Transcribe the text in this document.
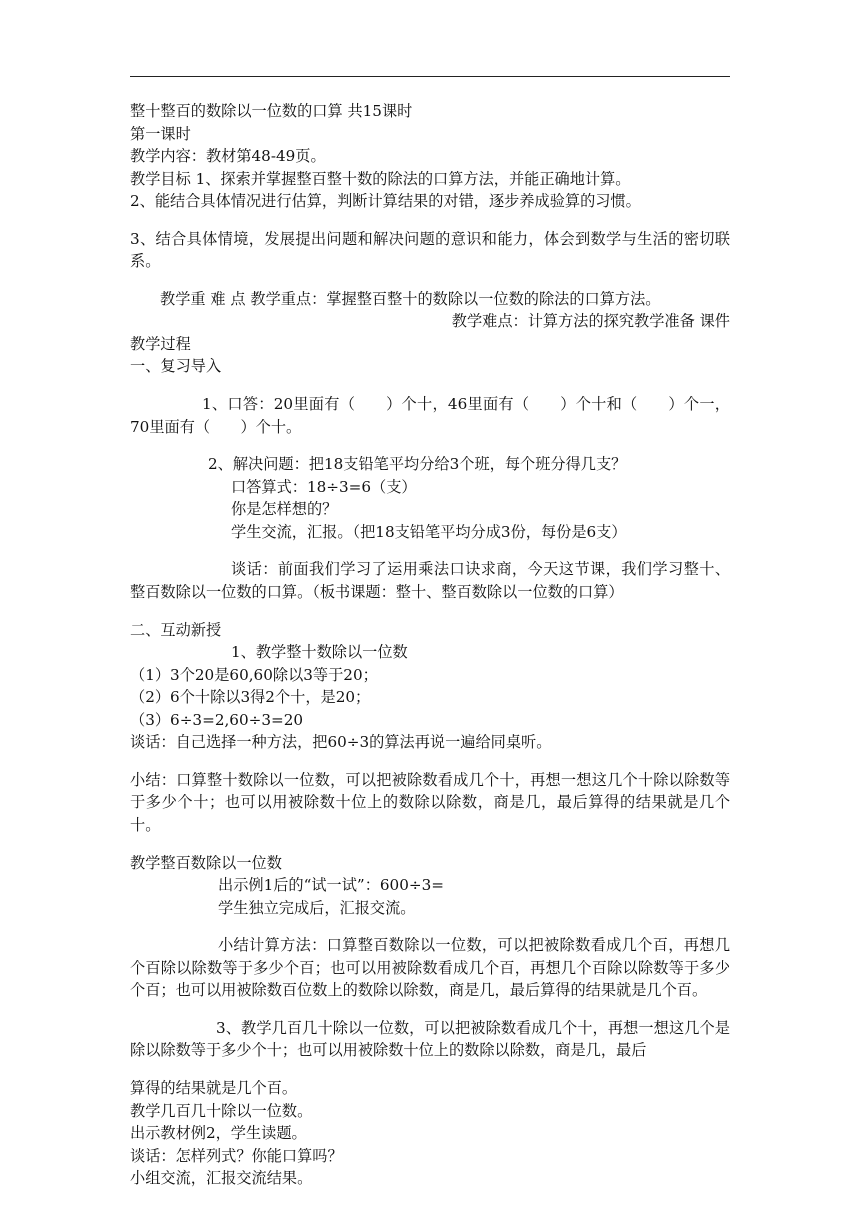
整十整百的数除以一位数的口算 共15课时

第一课时

教学内容：教材第48-49页。

教学目标 1、探索并掌握整百整十数的除法的口算方法，并能正确地计算。

2、能结合具体情况进行估算，判断计算结果的对错，逐步养成验算的习惯。

3、结合具体情境，发展提出问题和解决问题的意识和能力，体会到数学与生活的密切联系。

教学重 难 点 教学重点：掌握整百整十的数除以一位数的除法的口算方法。

教学难点：计算方法的探究教学准备 课件

教学过程

一、复习导入

1、口答：20里面有（　　）个十，46里面有（　　）个十和（　　）个一，70里面有（　　）个十。

2、解决问题：把18支铅笔平均分给3个班，每个班分得几支？

口答算式：18÷3=6（支）

你是怎样想的？

学生交流，汇报。（把18支铅笔平均分成3份，每份是6支）

谈话：前面我们学习了运用乘法口诀求商，今天这节课，我们学习整十、整百数除以一位数的口算。（板书课题：整十、整百数除以一位数的口算）

二、互动新授

1、教学整十数除以一位数

（1）3个20是60,60除以3等于20；

（2）6个十除以3得2个十，是20；

（3）6÷3=2,60÷3=20

谈话：自己选择一种方法，把60÷3的算法再说一遍给同桌听。

小结：口算整十数除以一位数，可以把被除数看成几个十，再想一想这几个十除以除数等于多少个十；也可以用被除数十位上的数除以除数，商是几，最后算得的结果就是几个十。

教学整百数除以一位数

出示例1后的“试一试”：600÷3=

学生独立完成后，汇报交流。

小结计算方法：口算整百数除以一位数，可以把被除数看成几个百，再想几个百除以除数等于多少个百；也可以用被除数看成几个百，再想几个百除以除数等于多少个百；也可以用被除数百位数上的数除以除数，商是几，最后算得的结果就是几个百。

3、教学几百几十除以一位数，可以把被除数看成几个十，再想一想这几个是除以除数等于多少个十；也可以用被除数十位上的数除以除数，商是几，最后

算得的结果就是几个百。

教学几百几十除以一位数。

出示教材例2，学生读题。

谈话：怎样列式？你能口算吗？

小组交流，汇报交流结果。
